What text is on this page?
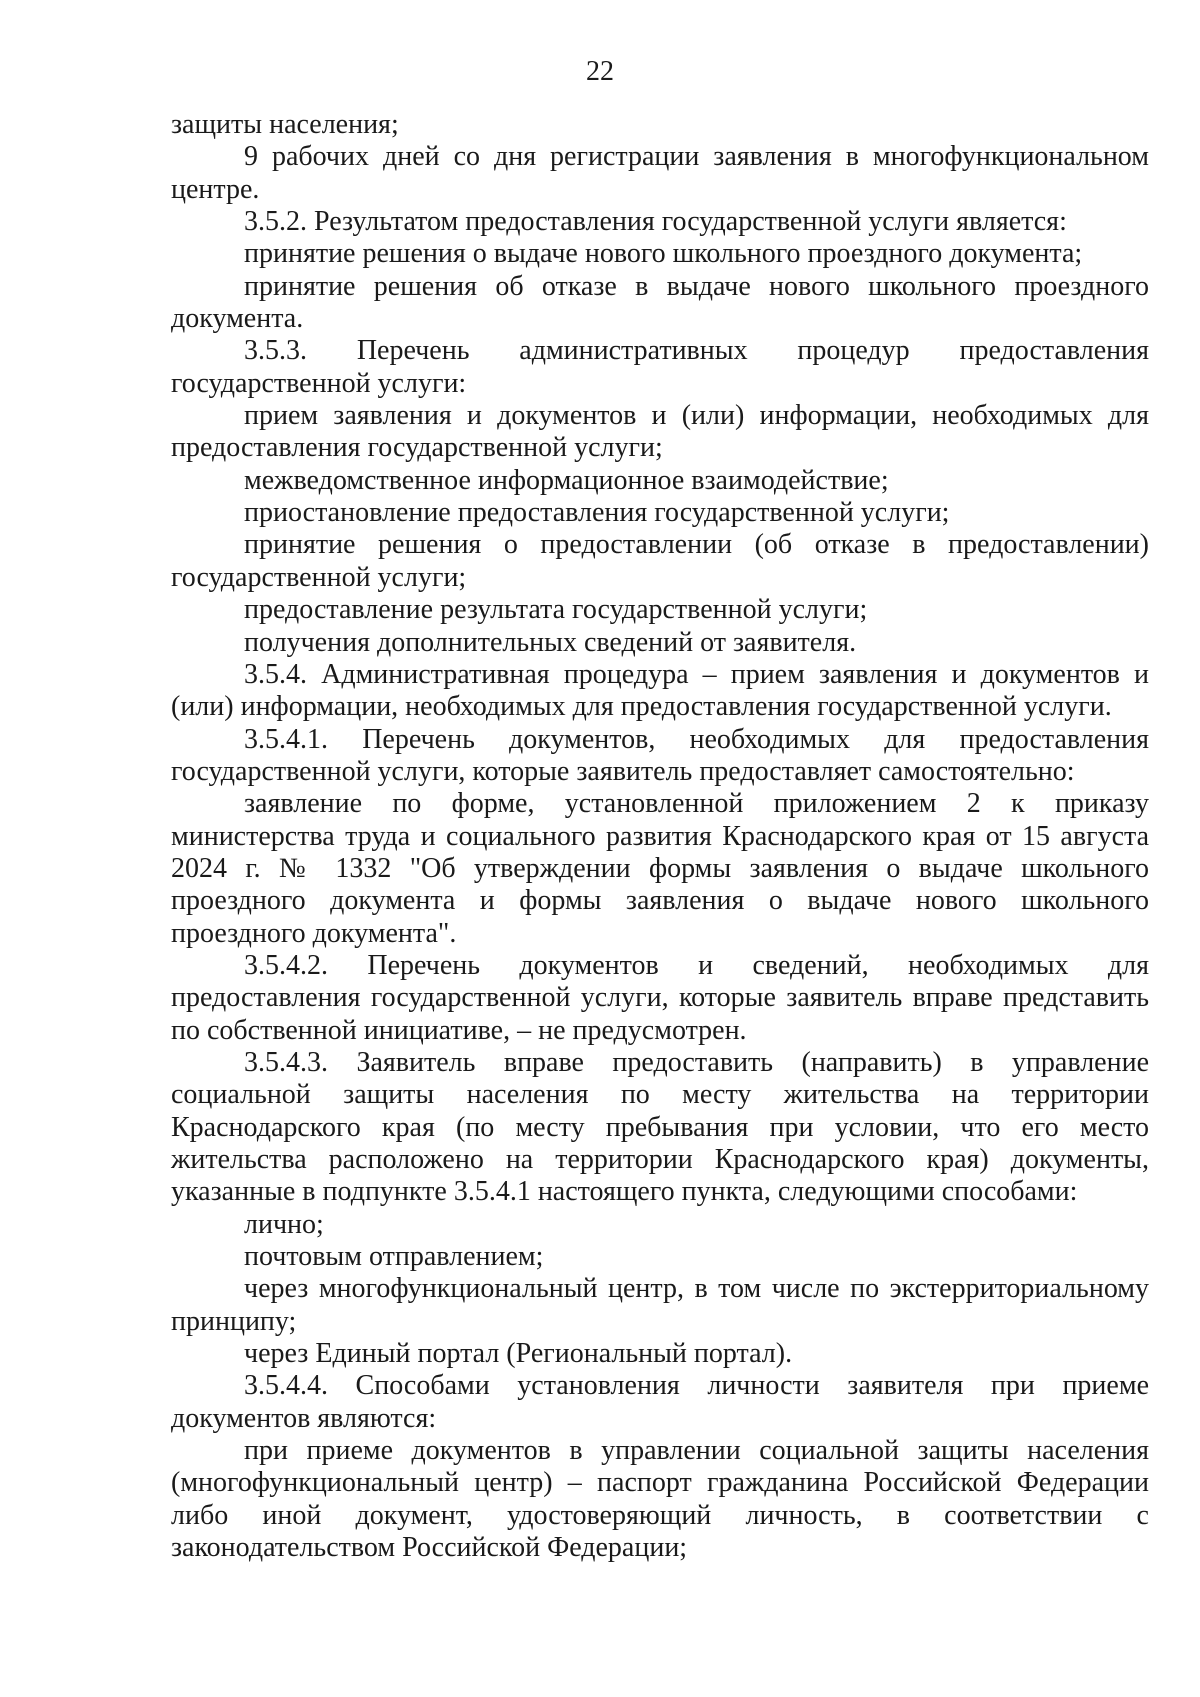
22

защиты населения;

9 рабочих дней со дня регистрации заявления в многофункциональном центре.

3.5.2. Результатом предоставления государственной услуги является:

принятие решения о выдаче нового школьного проездного документа;

принятие решения об отказе в выдаче нового школьного проездного документа.

3.5.3. Перечень административных процедур предоставления государственной услуги:

прием заявления и документов и (или) информации, необходимых для предоставления государственной услуги;

межведомственное информационное взаимодействие;

приостановление предоставления государственной услуги;

принятие решения о предоставлении (об отказе в предоставлении) государственной услуги;

предоставление результата государственной услуги;

получения дополнительных сведений от заявителя.

3.5.4. Административная процедура – прием заявления и документов и (или) информации, необходимых для предоставления государственной услуги.

3.5.4.1. Перечень документов, необходимых для предоставления государственной услуги, которые заявитель предоставляет самостоятельно:

заявление по форме, установленной приложением 2 к приказу министерства труда и социального развития Краснодарского края от 15 августа 2024 г. № 1332 "Об утверждении формы заявления о выдаче школьного проездного документа и формы заявления о выдаче нового школьного проездного документа".

3.5.4.2. Перечень документов и сведений, необходимых для предоставления государственной услуги, которые заявитель вправе представить по собственной инициативе, – не предусмотрен.

3.5.4.3. Заявитель вправе предоставить (направить) в управление социальной защиты населения по месту жительства на территории Краснодарского края (по месту пребывания при условии, что его место жительства расположено на территории Краснодарского края) документы, указанные в подпункте 3.5.4.1 настоящего пункта, следующими способами:

лично;

почтовым отправлением;

через многофункциональный центр, в том числе по экстерриториальному принципу;

через Единый портал (Региональный портал).

3.5.4.4. Способами установления личности заявителя при приеме документов являются:

при приеме документов в управлении социальной защиты населения (многофункциональный центр) – паспорт гражданина Российской Федерации либо иной документ, удостоверяющий личность, в соответствии с законодательством Российской Федерации;
